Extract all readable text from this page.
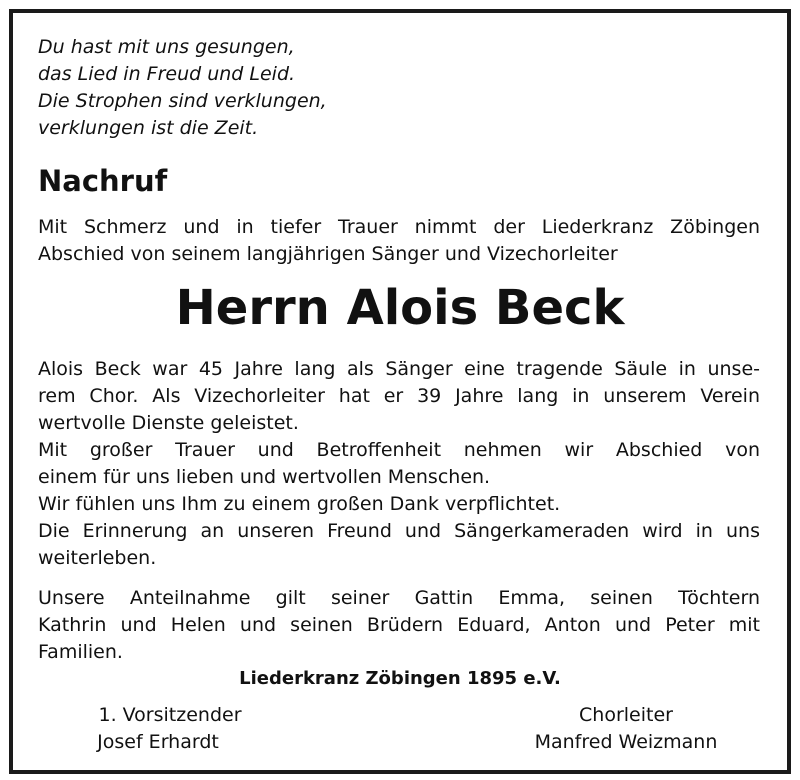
Du hast mit uns gesungen,
das Lied in Freud und Leid.
Die Strophen sind verklungen,
verklungen ist die Zeit.
Nachruf
Mit Schmerz und in tiefer Trauer nimmt der Liederkranz Zöbingen
Abschied von seinem langjährigen Sänger und Vizechorleiter
Herrn Alois Beck
Alois Beck war 45 Jahre lang als Sänger eine tragende Säule in unse-
rem Chor. Als Vizechorleiter hat er 39 Jahre lang in unserem Verein
wertvolle Dienste geleistet.
Mit großer Trauer und Betroffenheit nehmen wir Abschied von
einem für uns lieben und wertvollen Menschen.
Wir fühlen uns Ihm zu einem großen Dank verpflichtet.
Die Erinnerung an unseren Freund und Sängerkameraden wird in uns
weiterleben.
Unsere Anteilnahme gilt seiner Gattin Emma, seinen Töchtern
Kathrin und Helen und seinen Brüdern Eduard, Anton und Peter mit
Familien.
Liederkranz Zöbingen 1895 e.V.
1. Vorsitzender
Josef Erhardt
Chorleiter
Manfred Weizmann
